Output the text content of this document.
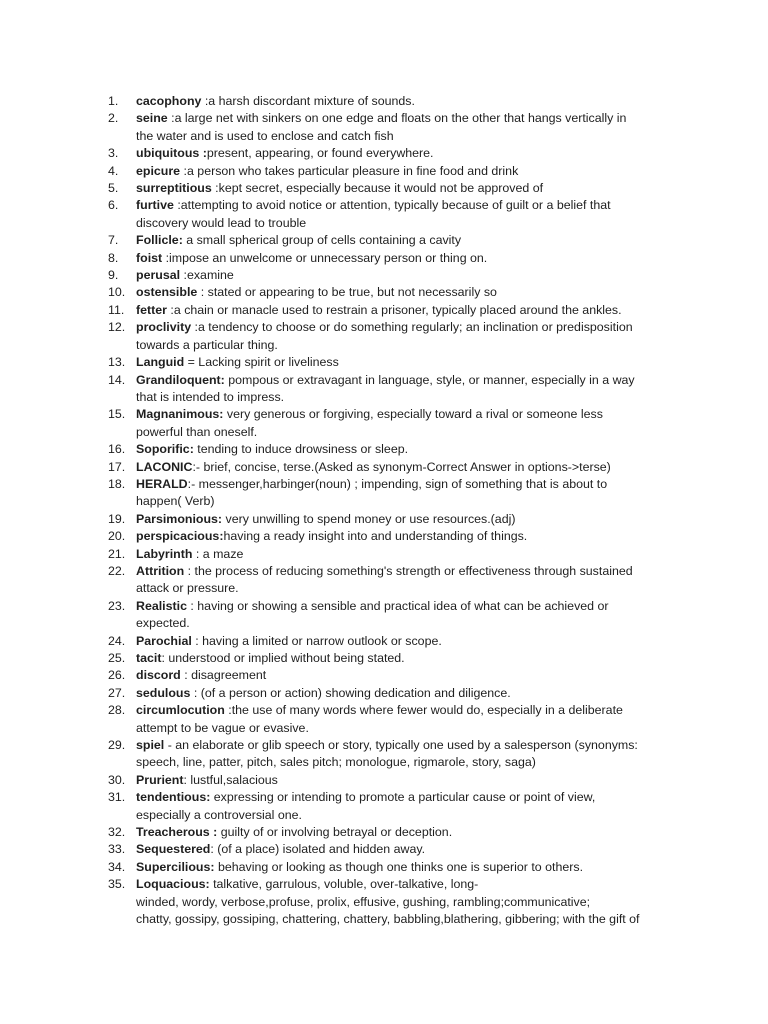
1.	cacophony :a harsh discordant mixture of sounds.
2.	seine :a large net with sinkers on one edge and floats on the other that hangs vertically in
the water and is used to enclose and catch fish
3.	ubiquitous :present, appearing, or found everywhere.
4.	epicure :a person who takes particular pleasure in fine food and drink
5.	surreptitious :kept secret, especially because it would not be approved of
6.	furtive :attempting to avoid notice or attention, typically because of guilt or a belief that
discovery would lead to trouble
7.	Follicle: a small spherical group of cells containing a cavity
8.	foist :impose an unwelcome or unnecessary person or thing on.
9.	perusal :examine
10. ostensible : stated or appearing to be true, but not necessarily so
11. fetter :a chain or manacle used to restrain a prisoner, typically placed around the ankles.
12. proclivity :a tendency to choose or do something regularly; an inclination or predisposition
towards a particular thing.
13. Languid = Lacking spirit or liveliness
14. Grandiloquent: pompous or extravagant in language, style, or manner, especially in a way
that is intended to impress.
15. Magnanimous: very generous or forgiving, especially toward a rival or someone less
powerful than oneself.
16. Soporific: tending to induce drowsiness or sleep.
17. LACONIC:- brief, concise, terse.(Asked as synonym-Correct Answer in options->terse)
18. HERALD:- messenger,harbinger(noun) ; impending, sign of something that is about to
happen( Verb)
19. Parsimonious: very unwilling to spend money or use resources.(adj)
20. perspicacious:having a ready insight into and understanding of things.
21. Labyrinth : a maze
22. Attrition : the process of reducing something's strength or effectiveness through sustained
attack or pressure.
23. Realistic : having or showing a sensible and practical idea of what can be achieved or
expected.
24. Parochial : having a limited or narrow outlook or scope.
25. tacit: understood or implied without being stated.
26. discord : disagreement
27. sedulous : (of a person or action) showing dedication and diligence.
28. circumlocution :the use of many words where fewer would do, especially in a deliberate
attempt to be vague or evasive.
29. spiel - an elaborate or glib speech or story, typically one used by a salesperson (synonyms:
speech, line, patter, pitch, sales pitch; monologue, rigmarole, story, saga)
30. Prurient: lustful,salacious
31. tendentious: expressing or intending to promote a particular cause or point of view,
especially a controversial one.
32. Treacherous : guilty of or involving betrayal or deception.
33. Sequestered: (of a place) isolated and hidden away.
34. Supercilious: behaving or looking as though one thinks one is superior to others.
35. Loquacious: talkative, garrulous, voluble, over-talkative, long-
winded, wordy, verbose,profuse, prolix, effusive, gushing, rambling;communicative;
chatty, gossipy, gossiping, chattering, chattery, babbling,blathering, gibbering; with the gift of
